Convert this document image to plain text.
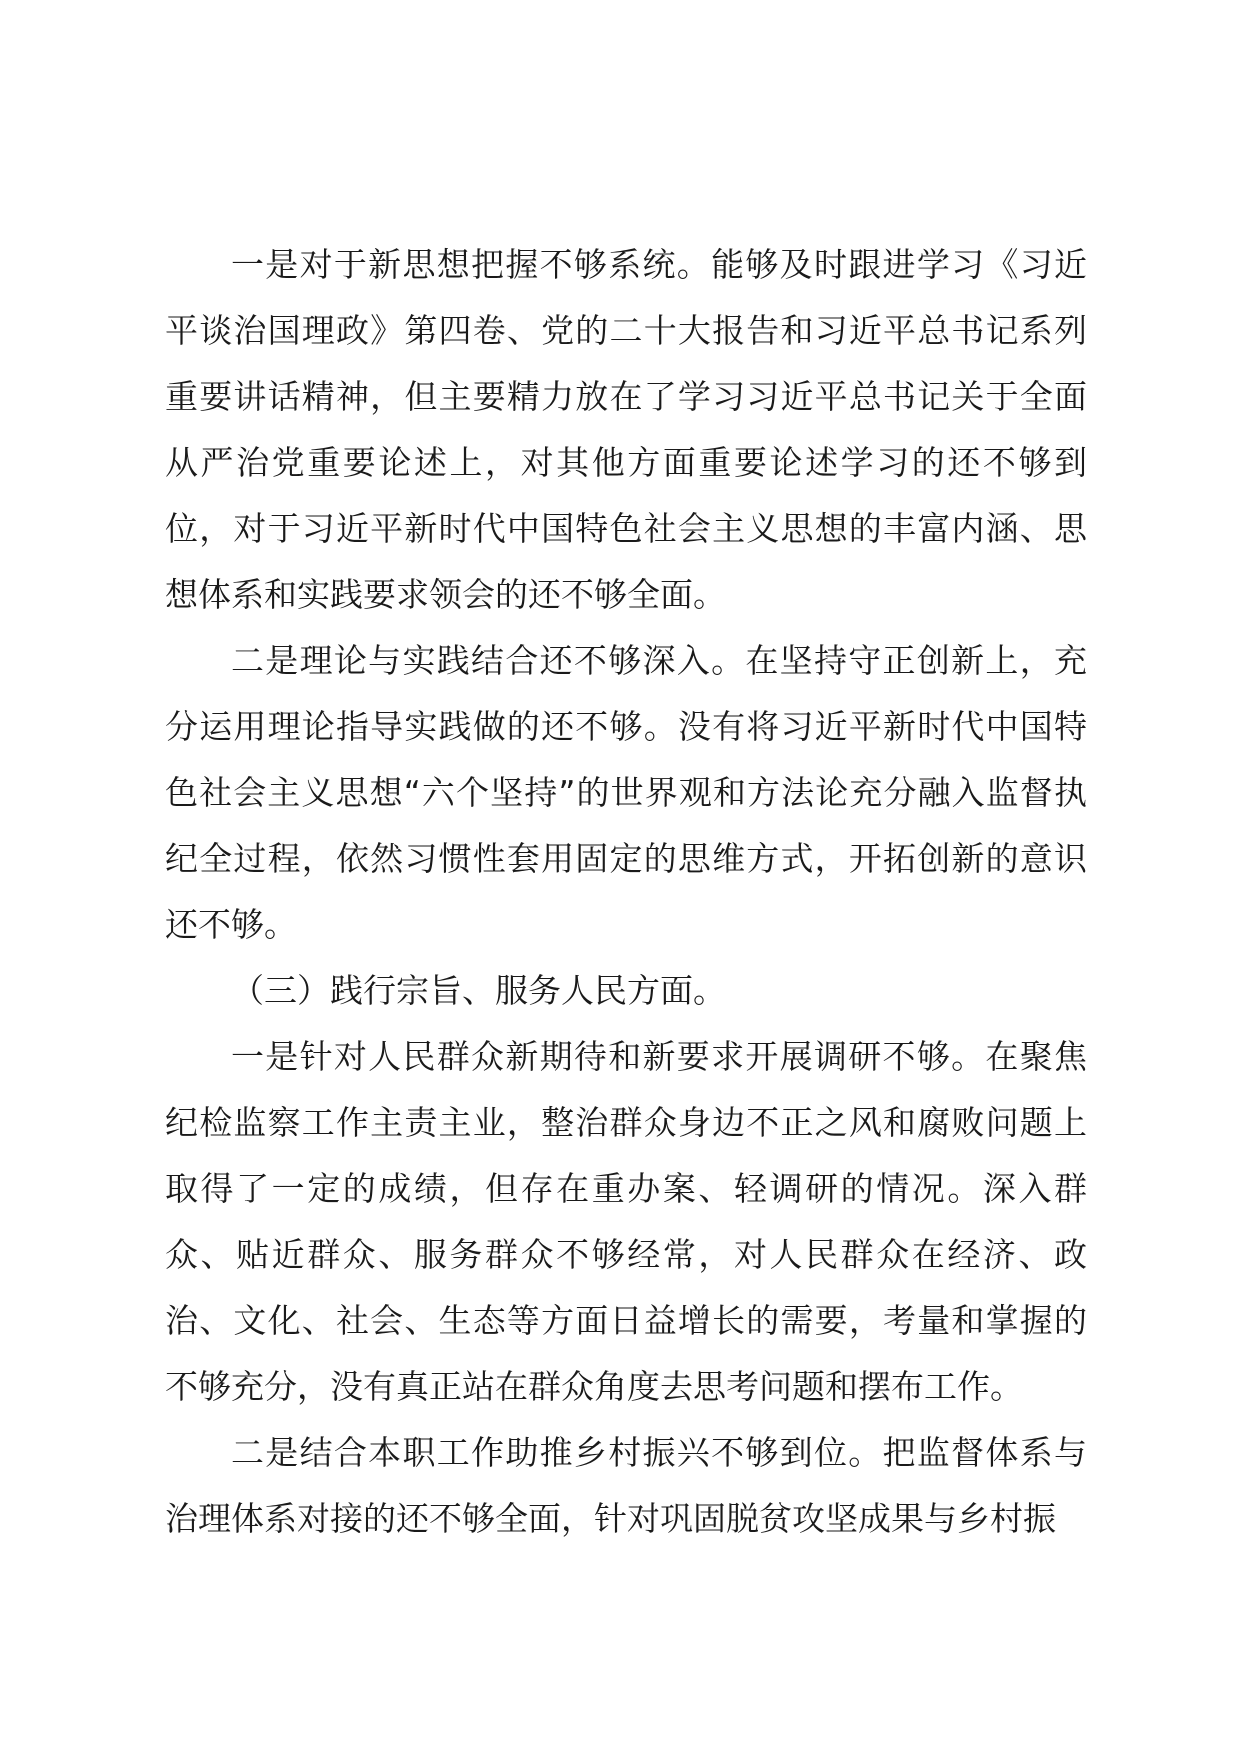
一是对于新思想把握不够系统。能够及时跟进学习《习近平谈治国理政》第四卷、党的二十大报告和习近平总书记系列重要讲话精神，但主要精力放在了学习习近平总书记关于全面从严治党重要论述上，对其他方面重要论述学习的还不够到位，对于习近平新时代中国特色社会主义思想的丰富内涵、思想体系和实践要求领会的还不够全面。

二是理论与实践结合还不够深入。在坚持守正创新上，充分运用理论指导实践做的还不够。没有将习近平新时代中国特色社会主义思想“六个坚持”的世界观和方法论充分融入监督执纪全过程，依然习惯性套用固定的思维方式，开拓创新的意识还不够。

（三）践行宗旨、服务人民方面。

一是针对人民群众新期待和新要求开展调研不够。在聚焦纪检监察工作主责主业，整治群众身边不正之风和腐败问题上取得了一定的成绩，但存在重办案、轻调研的情况。深入群众、贴近群众、服务群众不够经常，对人民群众在经济、政治、文化、社会、生态等方面日益增长的需要，考量和掌握的不够充分，没有真正站在群众角度去思考问题和摆布工作。

二是结合本职工作助推乡村振兴不够到位。把监督体系与治理体系对接的还不够全面，针对巩固脱贫攻坚成果与乡村振
